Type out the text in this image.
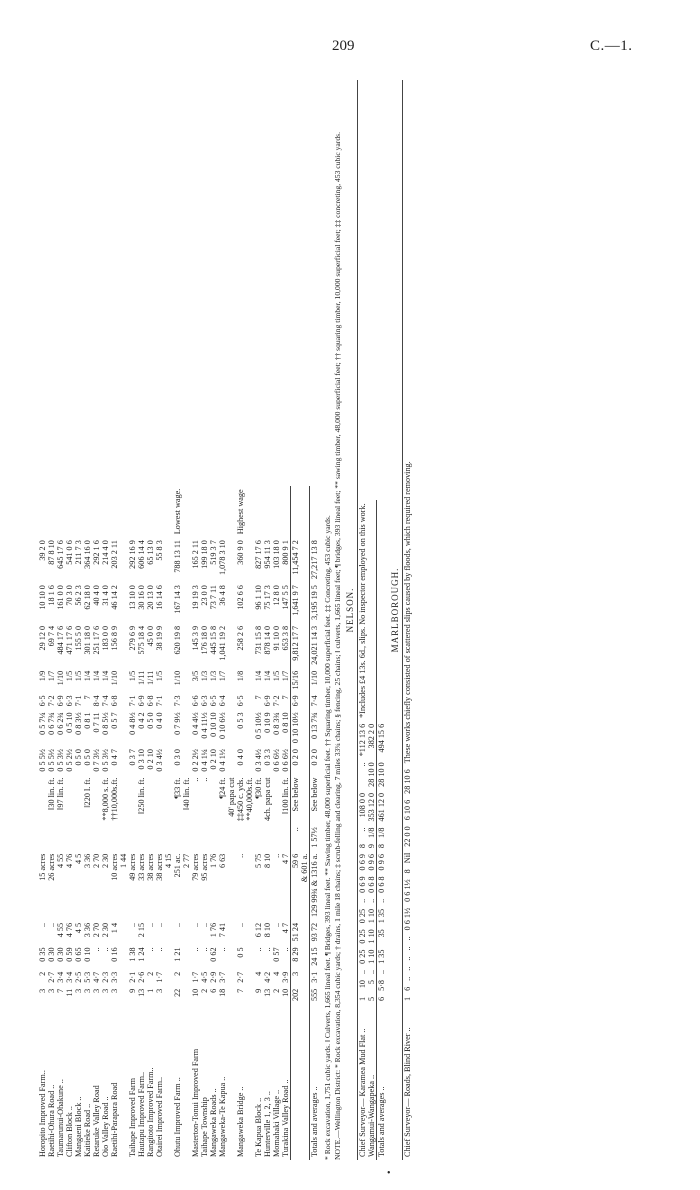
209	C.—1.
Horopito Improved Farm..	3	2	0 35	..	15 acres			0 5 5½	0 5 7¼	6·5	1/9	29 12 0	10 10 0	39 2 0	
Raetihi-Ohura Road ..	3	2·7	0 30	..	26 acres		‖30 lin. ft.	0 5 5½	0 6 7¾	7·2	1/7	69 7 4	18 1 6	87 8 10	
Taumarunui-Ohakune ..	7	3·4	0 30	4 55	4 55		‖97 lin. ft.	0 5 3½	0 6 2¾	6·9	1/10	484 17 6	161 0 0	645 17 6	
Clifton Block ..	11	3·4	0 59	4 76	4 76			0 5 2½	0 5 10	6·3	1/5	471 17 6	70 3 0	541 0 6	
Mangaeni Block ..	3	2·5	0 65	4 5	4 5			0 5 0	0 8 3½	7·1	1/5	155 5 0	56 2 3	211 7 3	
Kaitieke Road ..	3	5·3	0 10	3 36	3 36		‖220 l. ft.	0 5 0	0 8 1	7	1/4	301 18 0	62 18 0	364 16 0	
Retaruke Valley Road	3	4·7	..	2 70	2 70			0 7 3½	0 7 11	8·4	1/4	251 17 6	40 4 0	292 1 6	
Oio Valley Road ..	3	2·3	..	2 30	2 30		**8,000 s. ft.	0 5 3½	0 8 5½	7·4	1/4	183 0 0	31 4 0	214 4 0	
Raetihi-Parapara Road	3	3·3	0 16	1 4	10 acres		††10,000s.ft.	0 4 7	0 5 7	6·8	1/10	156 8 9	46 14 2	203 2 11	
					1 44										
Taihape Improved Farm	9	2·1	1 38	..	49 acres			0 3 7	0 4 8½	7·1	1/5	279 6 9	13 10 0	292 16 9	
Hautapu Improved Farm..	13	2·6	1 24	2 15	33 acres		‖250 lin. ft.	0 3 10	0 4 2	6·9	1/11	575 18 4	30 16 0	606 14 4	
Rangitoto Improved Farm..	1	2	..	..	38 acres			0 2 10	0 5 0	6·8	1/11	45 0 0	20 13 0	65 13 0	
Otairei Improved Farm..	3	1·7	..	..	38 acres			0 3 4½	0 4 0	7·1	1/5	38 19 9	16 14 6	55 8 3	
					4 15										
Ohutu Improved Farm ..	22	2	1 21	..	251 ac.		¶33 ft.	0 3 0	0 7 9½	7·3	1/10	620 19 8	167 14 3	788 13 11	Lowest wage.
					2 77		‖40 lin. ft.								
Masterton-Tonui Improved Farm	10	1·7	..	..	79 acres		..	0 2 2½	0 4 4½	6·6	3/5	145 3 9	19 19 3	165 2 11	
Taihape Township	2	4·5	..	..	95 acres		..	0 4 1¼	0 4 11½	6·3	1/3	176 18 0	23 0 0	199 18 0	
Mangaweka Roads ..	6	2·9	0 62	1 76	1 76			0 2 10	0 10 10	6·5	1/3	445 15 8	73 7 11	519 3 7	
Mangaweka-Te Kapua ..	18	3·7	..	7 41	6 63		¶24 ft.	0 4 1½	0 10 6½	6·4	1/7	1,041 19 2	36 4 8	1,078 3 10	
							40' papa cut								
Mangaweka Bridge ..	7	2·7	0 5	..	..		‡‡450 c. yds.	0 4 0	0 5 3	6·5	1/8	258 2 6	102 6 6	360 9 0	Highest wage
							**40,000s.ft.								
Te Kapua Block ..	9	4	..	6 12	5 75		¶30 ft.	0 3 4½	0 5 10½	7	1/4	731 15 8	96 1 10	827 17 6	
Hunterville 1, 2, 3 ..	13	4·2	..	8 10	8 10		4ch. papa cut	0 3 3	0 10 9	6·9	1/4	878 14 0	75 17 3	954 11 3	
Momahaki Village ..	2	4	0 57	..	..			0 6 6½	0 8 3¾	7·2	1/5	91 10 0	12 8 0	103 18 0	
Turakina Valley Road ..	10	3·9	..	4 7	4 7		‖100 lin. ft.	0 6 6½	0 8 10	7	1/7	653 3 8	147 5 5	800 9 1	
	202	3	8 29	51 24	59 6	..	See below	0 2 0	0 10 10½	6·9	15/16	9,812 17 7	1,641 9 7	11,454 7 2	
					& 601 a.										
Totals and averages ..	555	3·1	24 15	93 72	129 99¾ & 1316 a.	1 57½	See below	0 2 0	0 13 7¾	7·4	1/10	24,021 14 3	3,195 19 5	27,217 13 8	* Rock excavation, 1,751 cubic yards. ‖ Culverts, 1,665 lineal feet. ¶ Bridges, 393 lineal feet. ** Sawing timber, 48,000 superficial feet. †† Squaring timber, 10,000 superficial feet. ‡‡ Concreting, 453 cubic yards. NOTE.—Wellington District: * Rock excavation, 8,354 cubic yards; † drains, 1 mile 18 chains; ‡ scrub-felling and clearing, 7 miles 33¾ chains; § fencing, 25 chains; ‖ culverts, 1,665 lineal feet; ¶ bridges, 393 lineal feet; ** sawing timber, 48,000 superficial feet; †† squaring timber, 10,000 superficial feet; ‡‡ concreting, 453 cubic yards. NELSON.
Chief Surveyor— Karamea Mud Flat ..	1	10	..	0 25	0 25	0 25	..	0 6 9	0 6 9	8	..	108 0 0	..	*112 13 6	*Includes £4 13s. 6d., slips. No inspector employed on this work.
Wangamui-Wangapeka ..	5	5	..	1 10	1 10	1 10	..	0 6 8	0 9 6	9	1/8	353 12 0	28 10 0	382 2 0	
Totals and averages ..	6	5·8	..	1 35	35	1 35	..	0 6 8	0 9 6	8	1/8	461 12 0	28 10 0	494 15 6	
MARLBOROUGH.
Chief Surveyor— Roads, Blind River ..	1	6	..	..	..	..	..	0 6 1½	0 6 1½	8	Nil	22 0 0	6 10 6	28 10 6	These works chiefly consisted of scattered slips caused by floods, which required removing.
•
